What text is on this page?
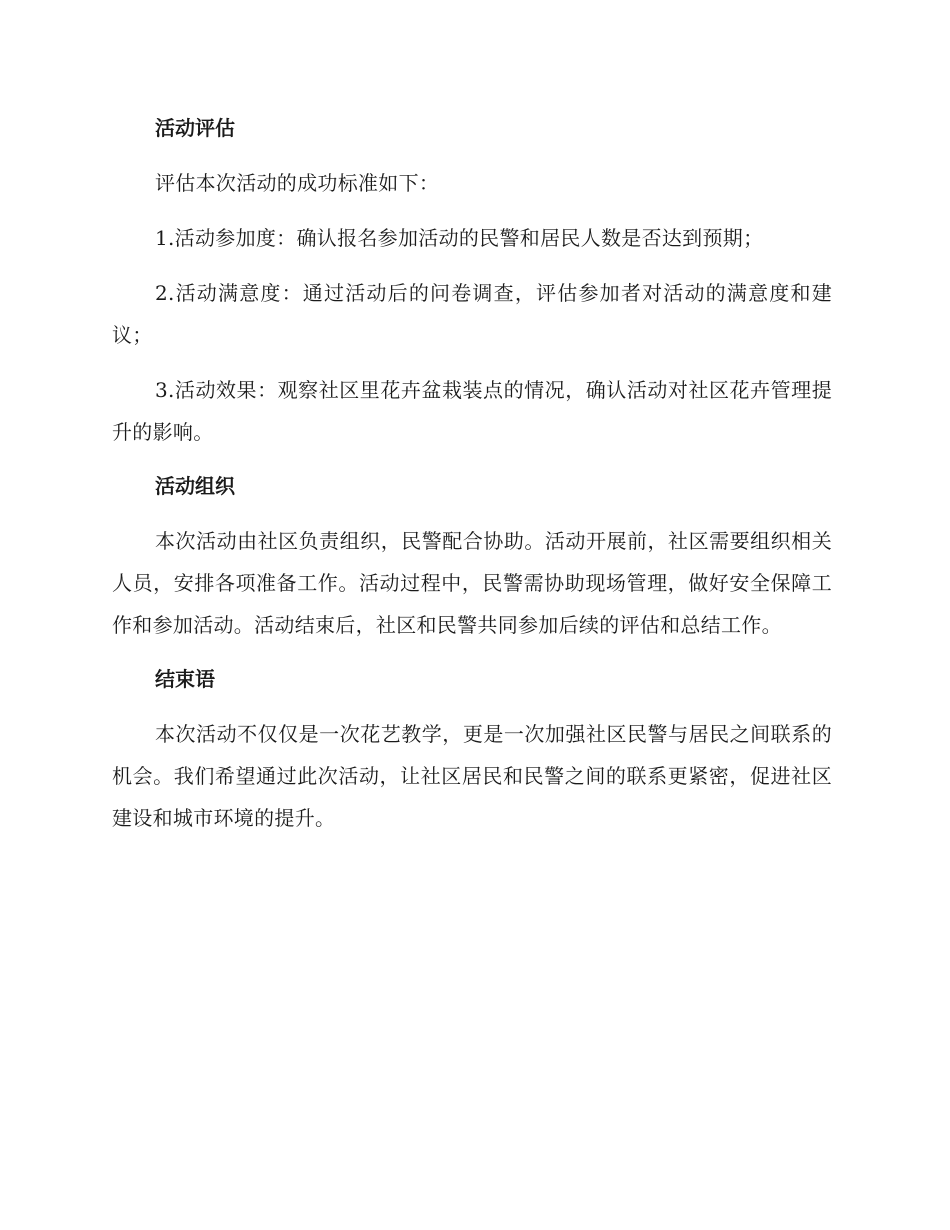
活动评估

评估本次活动的成功标准如下：

1.活动参加度：确认报名参加活动的民警和居民人数是否达到预期；

2.活动满意度：通过活动后的问卷调查，评估参加者对活动的满意度和建议；

3.活动效果：观察社区里花卉盆栽装点的情况，确认活动对社区花卉管理提升的影响。

活动组织

本次活动由社区负责组织，民警配合协助。活动开展前，社区需要组织相关人员，安排各项准备工作。活动过程中，民警需协助现场管理，做好安全保障工作和参加活动。活动结束后，社区和民警共同参加后续的评估和总结工作。

结束语

本次活动不仅仅是一次花艺教学，更是一次加强社区民警与居民之间联系的机会。我们希望通过此次活动，让社区居民和民警之间的联系更紧密，促进社区建设和城市环境的提升。
